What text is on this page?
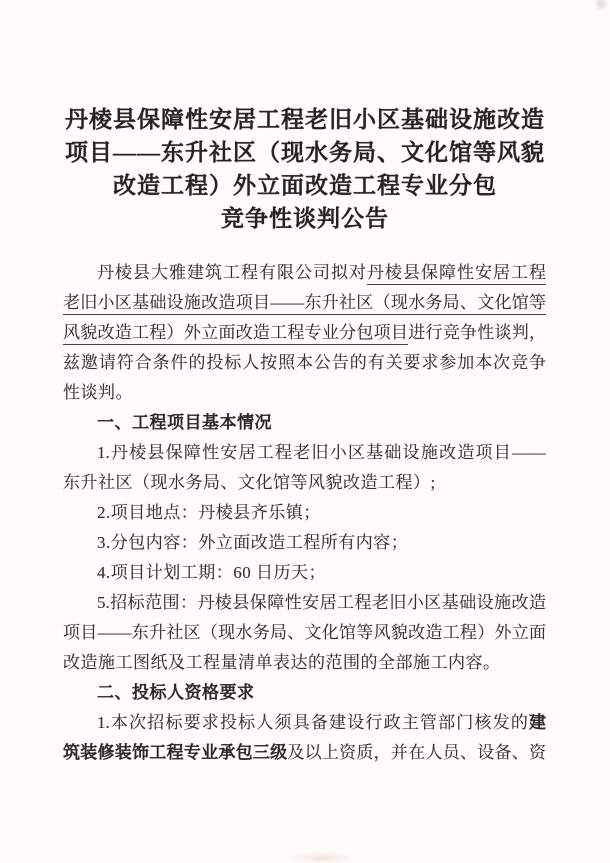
丹棱县保障性安居工程老旧小区基础设施改造
项目——东升社区（现水务局、文化馆等风貌
改造工程）外立面改造工程专业分包
竞争性谈判公告
丹棱县大雅建筑工程有限公司拟对丹棱县保障性安居工程
老旧小区基础设施改造项目——东升社区（现水务局、文化馆等
风貌改造工程）外立面改造工程专业分包项目进行竞争性谈判，
兹邀请符合条件的投标人按照本公告的有关要求参加本次竞争
性谈判。
一、工程项目基本情况
1.丹棱县保障性安居工程老旧小区基础设施改造项目——
东升社区（现水务局、文化馆等风貌改造工程）;
2.项目地点：丹棱县齐乐镇；
3.分包内容：外立面改造工程所有内容；
4.项目计划工期：60 日历天；
5.招标范围：丹棱县保障性安居工程老旧小区基础设施改造
项目——东升社区（现水务局、文化馆等风貌改造工程）外立面
改造施工图纸及工程量清单表达的范围的全部施工内容。
二、投标人资格要求
1.本次招标要求投标人须具备建设行政主管部门核发的建
筑装修装饰工程专业承包三级及以上资质，并在人员、设备、资
